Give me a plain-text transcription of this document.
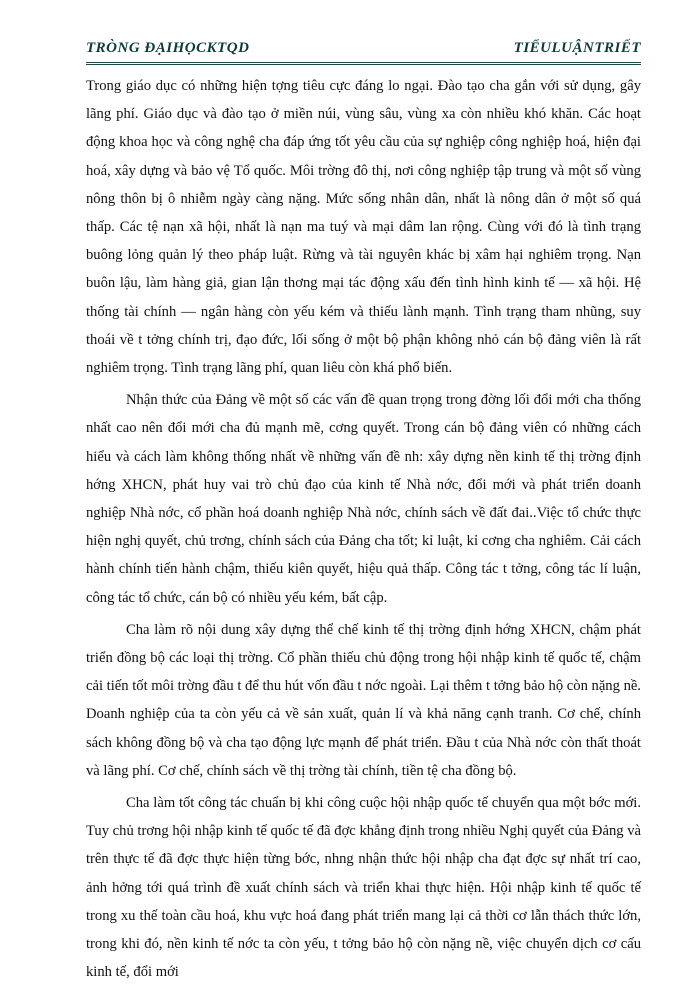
TRÒNG ĐẠIHỌCKTQD	TIỂULUẬNTRIẾT

Trong giáo dục có những hiện tợng tiêu cực đáng lo ngại. Đào tạo cha gắn với sử dụng, gây lãng phí. Giáo dục và đào tạo ở miền núi, vùng sâu, vùng xa còn nhiều khó khăn. Các hoạt động khoa học và công nghệ cha đáp ứng tốt yêu cầu của sự nghiệp công nghiệp hoá, hiện đại hoá, xây dựng và bảo vệ Tổ quốc. Môi trờng đô thị, nơi công nghiệp tập trung và một số vùng nông thôn bị ô nhiễm ngày càng nặng. Mức sống nhân dân, nhất là nông dân ở một số quá thấp. Các tệ nạn xã hội, nhất là nạn ma tuý và mại dâm lan rộng. Cùng với đó là tình trạng buông lỏng quản lý theo pháp luật. Rừng và tài nguyên khác bị xâm hại nghiêm trọng. Nạn buôn lậu, làm hàng giả, gian lận thơng mại tác động xấu đến tình hình kinh tế — xã hội. Hệ thống tài chính — ngân hàng còn yếu kém và thiếu lành mạnh. Tình trạng tham nhũng, suy thoái về t tởng chính trị, đạo đức, lối sống ở một bộ phận không nhỏ cán bộ đảng viên là rất nghiêm trọng. Tình trạng lãng phí, quan liêu còn khá phổ biến.

Nhận thức của Đảng về một số các vấn đề quan trọng trong đờng lối đổi mới cha thống nhất cao nên đổi mới cha đủ mạnh mẽ, cơng quyết. Trong cán bộ đảng viên có những cách hiểu và cách làm không thống nhất về những vấn đề nh: xây dựng nền kinh tế thị trờng định hớng XHCN, phát huy vai trò chủ đạo của kinh tế Nhà nớc, đổi mới và phát triển doanh nghiệp Nhà nớc, cổ phần hoá doanh nghiệp Nhà nớc, chính sách về đất đai..Việc tổ chức thực hiện nghị quyết, chủ trơng, chính sách của Đảng cha tốt; kỉ luật, kỉ cơng cha nghiêm. Cải cách hành chính tiến hành chậm, thiếu kiên quyết, hiệu quả thấp. Công tác t tởng, công tác lí luận, công tác tổ chức, cán bộ có nhiều yếu kém, bất cập.

Cha làm rõ nội dung xây dựng thể chế kinh tế thị trờng định hớng XHCN, chậm phát triển đồng bộ các loại thị trờng. Cổ phần thiếu chủ động trong hội nhập kinh tế quốc tế, chậm cải tiến tốt môi trờng đầu t để thu hút vốn đầu t nớc ngoài. Lại thêm t tởng bảo hộ còn nặng nề. Doanh nghiệp của ta còn yếu cả về sản xuất, quản lí và khả năng cạnh tranh. Cơ chế, chính sách không đồng bộ và cha tạo động lực mạnh để phát triển. Đầu t của Nhà nớc còn thất thoát và lãng phí. Cơ chế, chính sách về thị trờng tài chính, tiền tệ cha đồng bộ.

Cha làm tốt công tác chuẩn bị khi công cuộc hội nhập quốc tế chuyển qua một bớc mới. Tuy chủ trơng hội nhập kinh tế quốc tế đã đợc khẳng định trong nhiều Nghị quyết của Đảng và trên thực tế đã đợc thực hiện từng bớc, nhng nhận thức hội nhập cha đạt đợc sự nhất trí cao, ảnh hởng tới quá trình đề xuất chính sách và triển khai thực hiện. Hội nhập kinh tế quốc tế trong xu thế toàn cầu hoá, khu vực hoá đang phát triển mang lại cả thời cơ lẫn thách thức lớn, trong khi đó, nền kinh tế nớc ta còn yếu, t tởng bảo hộ còn nặng nề, việc chuyển dịch cơ cấu kinh tế, đổi mới
